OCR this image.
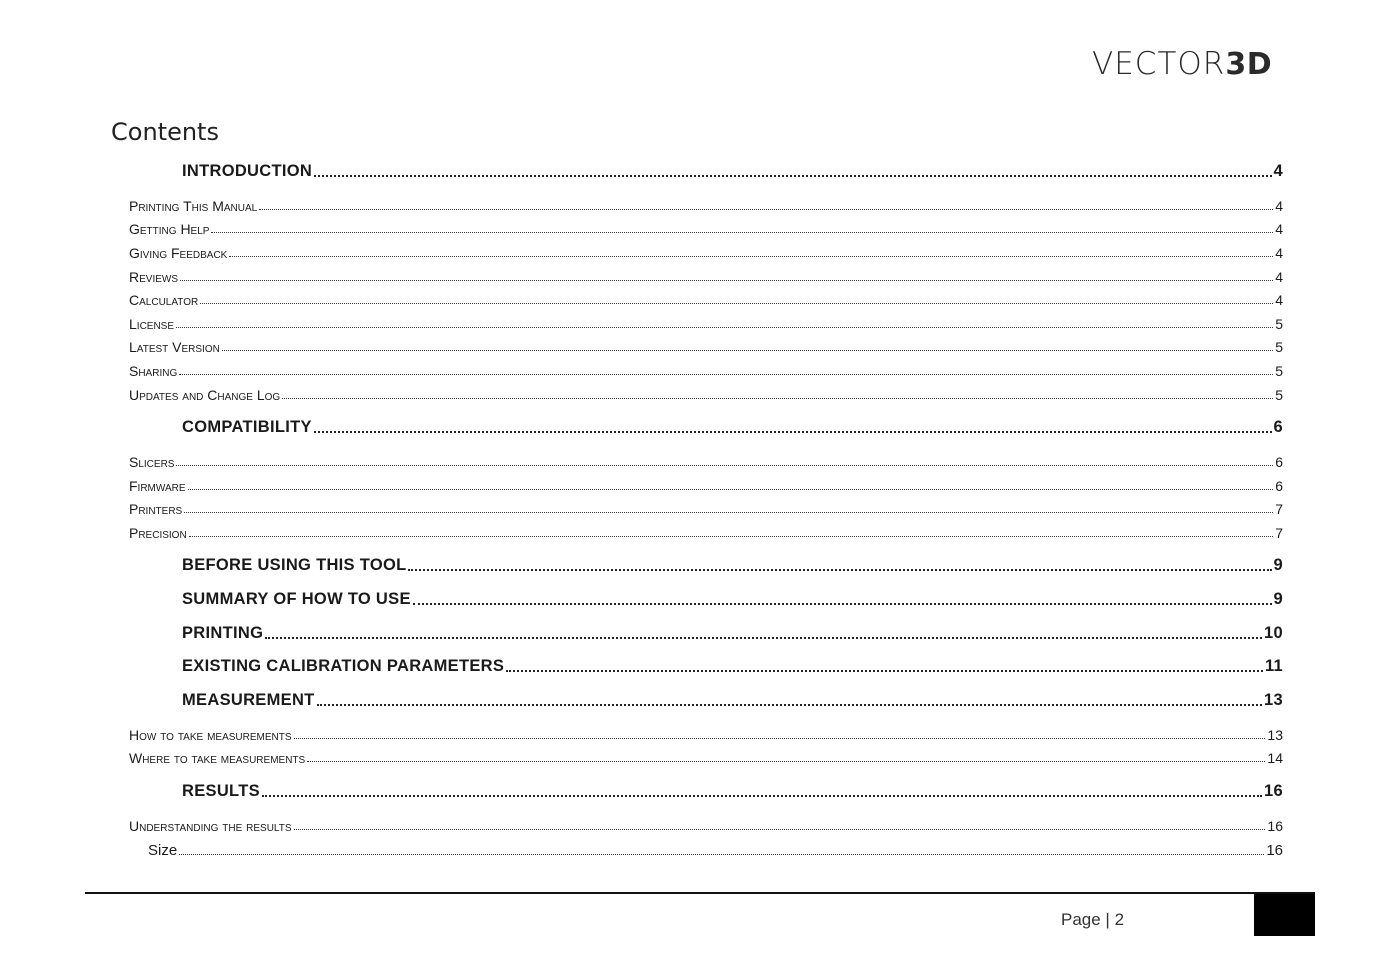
VECTOR3D
Contents
INTRODUCTION	4
Printing This Manual	4
Getting Help	4
Giving Feedback	4
Reviews	4
Calculator	4
License	5
Latest Version	5
Sharing	5
Updates and Change Log	5
COMPATIBILITY	6
Slicers	6
Firmware	6
Printers	7
Precision	7
BEFORE USING THIS TOOL	9
SUMMARY OF HOW TO USE	9
PRINTING	10
EXISTING CALIBRATION PARAMETERS	11
MEASUREMENT	13
How to take measurements	13
Where to take measurements	14
RESULTS	16
Understanding the results	16
Size	16
Page | 2
